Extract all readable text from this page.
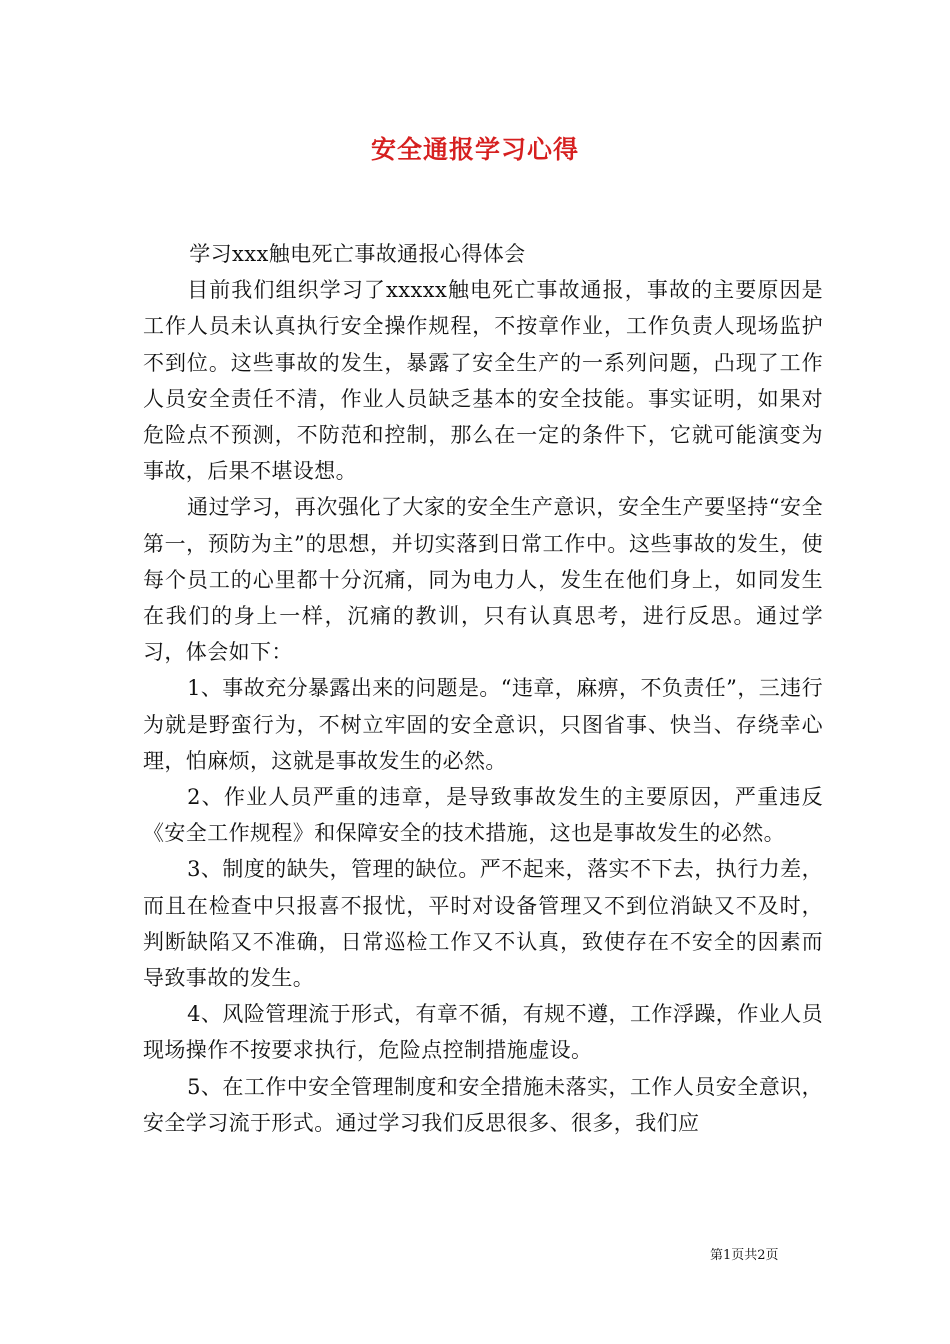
安全通报学习心得

学习xxx触电死亡事故通报心得体会

目前我们组织学习了xxxxx触电死亡事故通报，事故的主要原因是工作人员未认真执行安全操作规程，不按章作业，工作负责人现场监护不到位。这些事故的发生，暴露了安全生产的一系列问题，凸现了工作人员安全责任不清，作业人员缺乏基本的安全技能。事实证明，如果对危险点不预测，不防范和控制，那么在一定的条件下，它就可能演变为事故，后果不堪设想。

通过学习，再次强化了大家的安全生产意识，安全生产要坚持“安全第一，预防为主”的思想，并切实落到日常工作中。这些事故的发生，使每个员工的心里都十分沉痛，同为电力人，发生在他们身上，如同发生在我们的身上一样，沉痛的教训，只有认真思考，进行反思。通过学习，体会如下：

1、事故充分暴露出来的问题是。“违章，麻痹，不负责任”，三违行为就是野蛮行为，不树立牢固的安全意识，只图省事、快当、存绕幸心理，怕麻烦，这就是事故发生的必然。

2、作业人员严重的违章，是导致事故发生的主要原因，严重违反《安全工作规程》和保障安全的技术措施，这也是事故发生的必然。

3、制度的缺失，管理的缺位。严不起来，落实不下去，执行力差，而且在检查中只报喜不报忧，平时对设备管理又不到位消缺又不及时，判断缺陷又不准确，日常巡检工作又不认真，致使存在不安全的因素而导致事故的发生。

4、风险管理流于形式，有章不循，有规不遵，工作浮躁，作业人员现场操作不按要求执行，危险点控制措施虚设。

5、在工作中安全管理制度和安全措施未落实，工作人员安全意识，安全学习流于形式。通过学习我们反思很多、很多，我们应

第1页共2页
